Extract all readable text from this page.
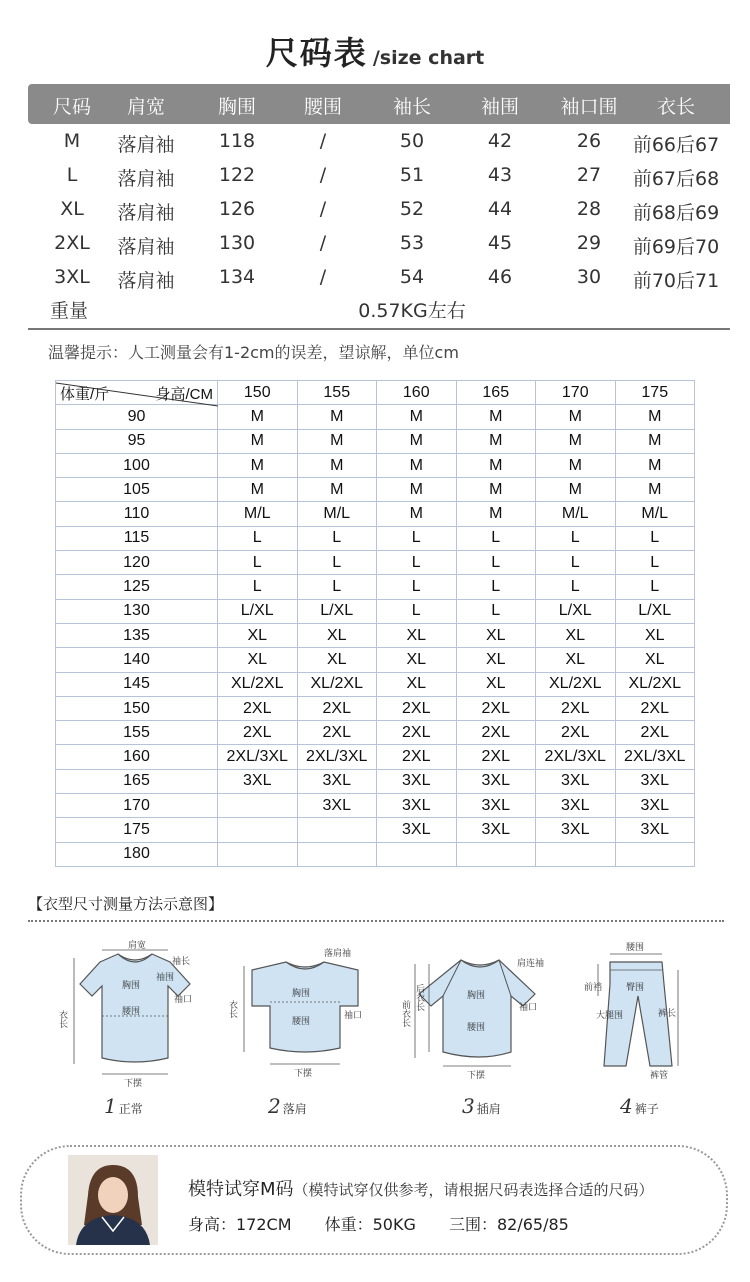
尺码表 /size chart
尺码 肩宽	胸围	腰围	袖长	袖围 袖口围 衣长
M 落肩袖 118	/	50	42	26 前66后67
L 落肩袖 122	/	51	43	27 前67后68
XL 落肩袖 126	/	52	44	28 前68后69
2XL 落肩袖 130	/	53	45	29 前69后70
3XL 落肩袖 134	/	54	46	30 前70后71
重量	0.57KG左右
温馨提示：人工测量会有1-2cm的误差，望谅解，单位cm
体重/斤 身高/CM	150	155	160	165	170	175
90	M	M	M	M	M	M
95	M	M	M	M	M	M
100	M	M	M	M	M	M
105	M	M	M	M	M	M
110	M/L	M/L	M	M	M/L	M/L
115	L	L	L	L	L	L
120	L	L	L	L	L	L
125	L	L	L	L	L	L
130	L/XL	L/XL	L	L	L/XL	L/XL
135	XL	XL	XL	XL	XL	XL
140	XL	XL	XL	XL	XL	XL
145	XL/2XL	XL/2XL	XL	XL	XL/2XL	XL/2XL
150	2XL	2XL	2XL	2XL	2XL	2XL
155	2XL	2XL	2XL	2XL	2XL	2XL
160	2XL/3XL	2XL/3XL	2XL	2XL	2XL/3XL	2XL/3XL
165	3XL	3XL	3XL	3XL	3XL	3XL
170		3XL	3XL	3XL	3XL	3XL
175			3XL	3XL	3XL	3XL
180						
【衣型尺寸测量方法示意图】
肩宽
袖长
胸围
袖围
袖口
衣长	腰围
下摆
1 正常
落肩袖
衣长
胸围
袖口
腰围
下摆
2 落肩
肩连袖
前衣长
后衣长	胸围
袖口
腰围
下摆
3 插肩
腰围
前裆	臀围
大腿围	裤长
裤管
4 裤子
模特试穿M码（模特试穿仅供参考，请根据尺码表选择合适的尺码）
身高：172CM 体重：50KG 三围：82/65/85
